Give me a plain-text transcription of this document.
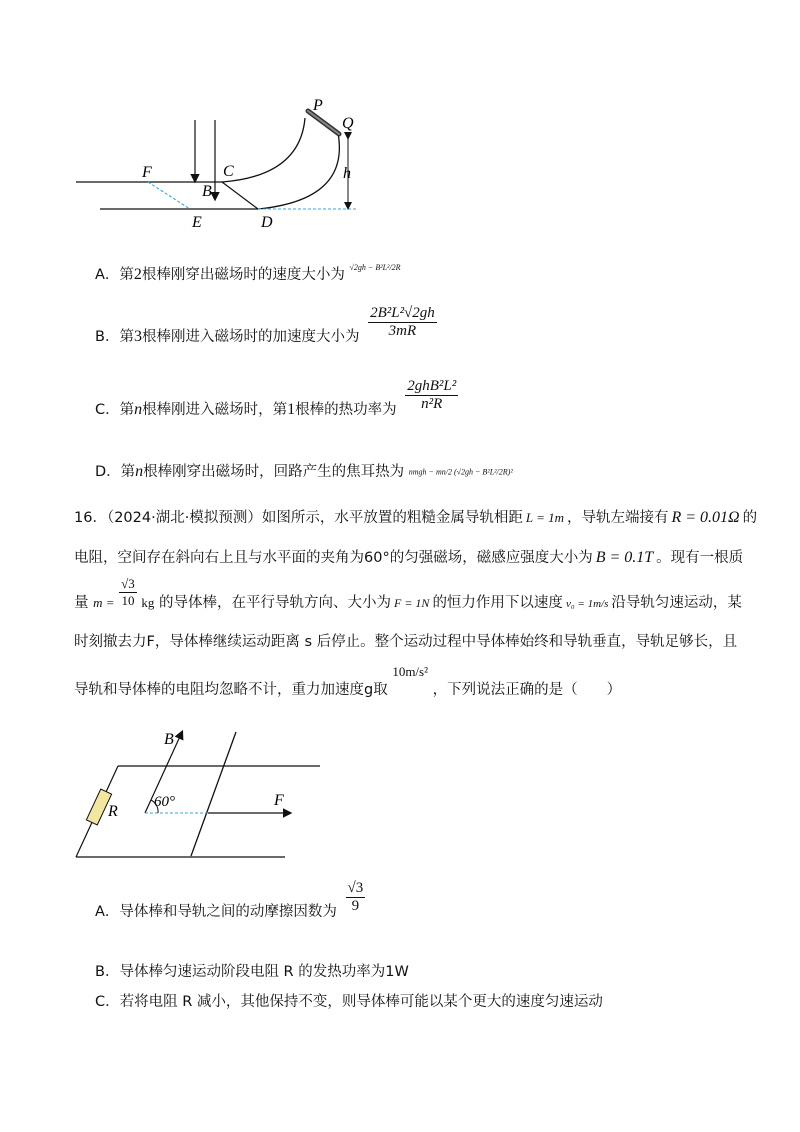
P
Q
C
F
B
h
E	D
A．第2根棒刚穿出磁场时的速度大小为 $^{√2gh - B^2L^2/2R}$
B．第3根棒刚进入磁场时的加速度大小为 $\frac{\text{2B²L²√2gh}}{3mR}$
C．第n根棒刚进入磁场时，第1根棒的热功率为 $\frac{\text{2ghB²L²}}{\text{n²R}}$
D．第n根棒刚穿出磁场时，回路产生的焦耳热为 nmgh − mn/2 (√2gh − B²L²/2R)²
16．（2024·湖北·模拟预测）如图所示，水平放置的粗糙金属导轨相距 L = 1m ，导轨左端接有 R = 0.01Ω 的
电阻，空间存在斜向右上且与水平面的夹角为60°的匀强磁场，磁感应强度大小为 B = 0.1T 。现有一根质
量 $m = \frac{√3}{10}$ kg 的导体棒，在平行导轨方向、大小为 F = 1N 的恒力作用下以速度 v₀ = 1m/s 沿导轨匀速运动，某
时刻撤去力F，导体棒继续运动距离 s 后停止。整个运动过程中导体棒始终和导轨垂直，导轨足够长，且
导轨和导体棒的电阻均忽略不计，重力加速度g取 10m/s² ，下列说法正确的是（　　）
B
R
60°	F
A．导体棒和导轨之间的动摩擦因数为 $\frac{√3}{9}$
B．导体棒匀速运动阶段电阻 R 的发热功率为1W
C．若将电阻 R 减小，其他保持不变，则导体棒可能以某个更大的速度匀速运动
